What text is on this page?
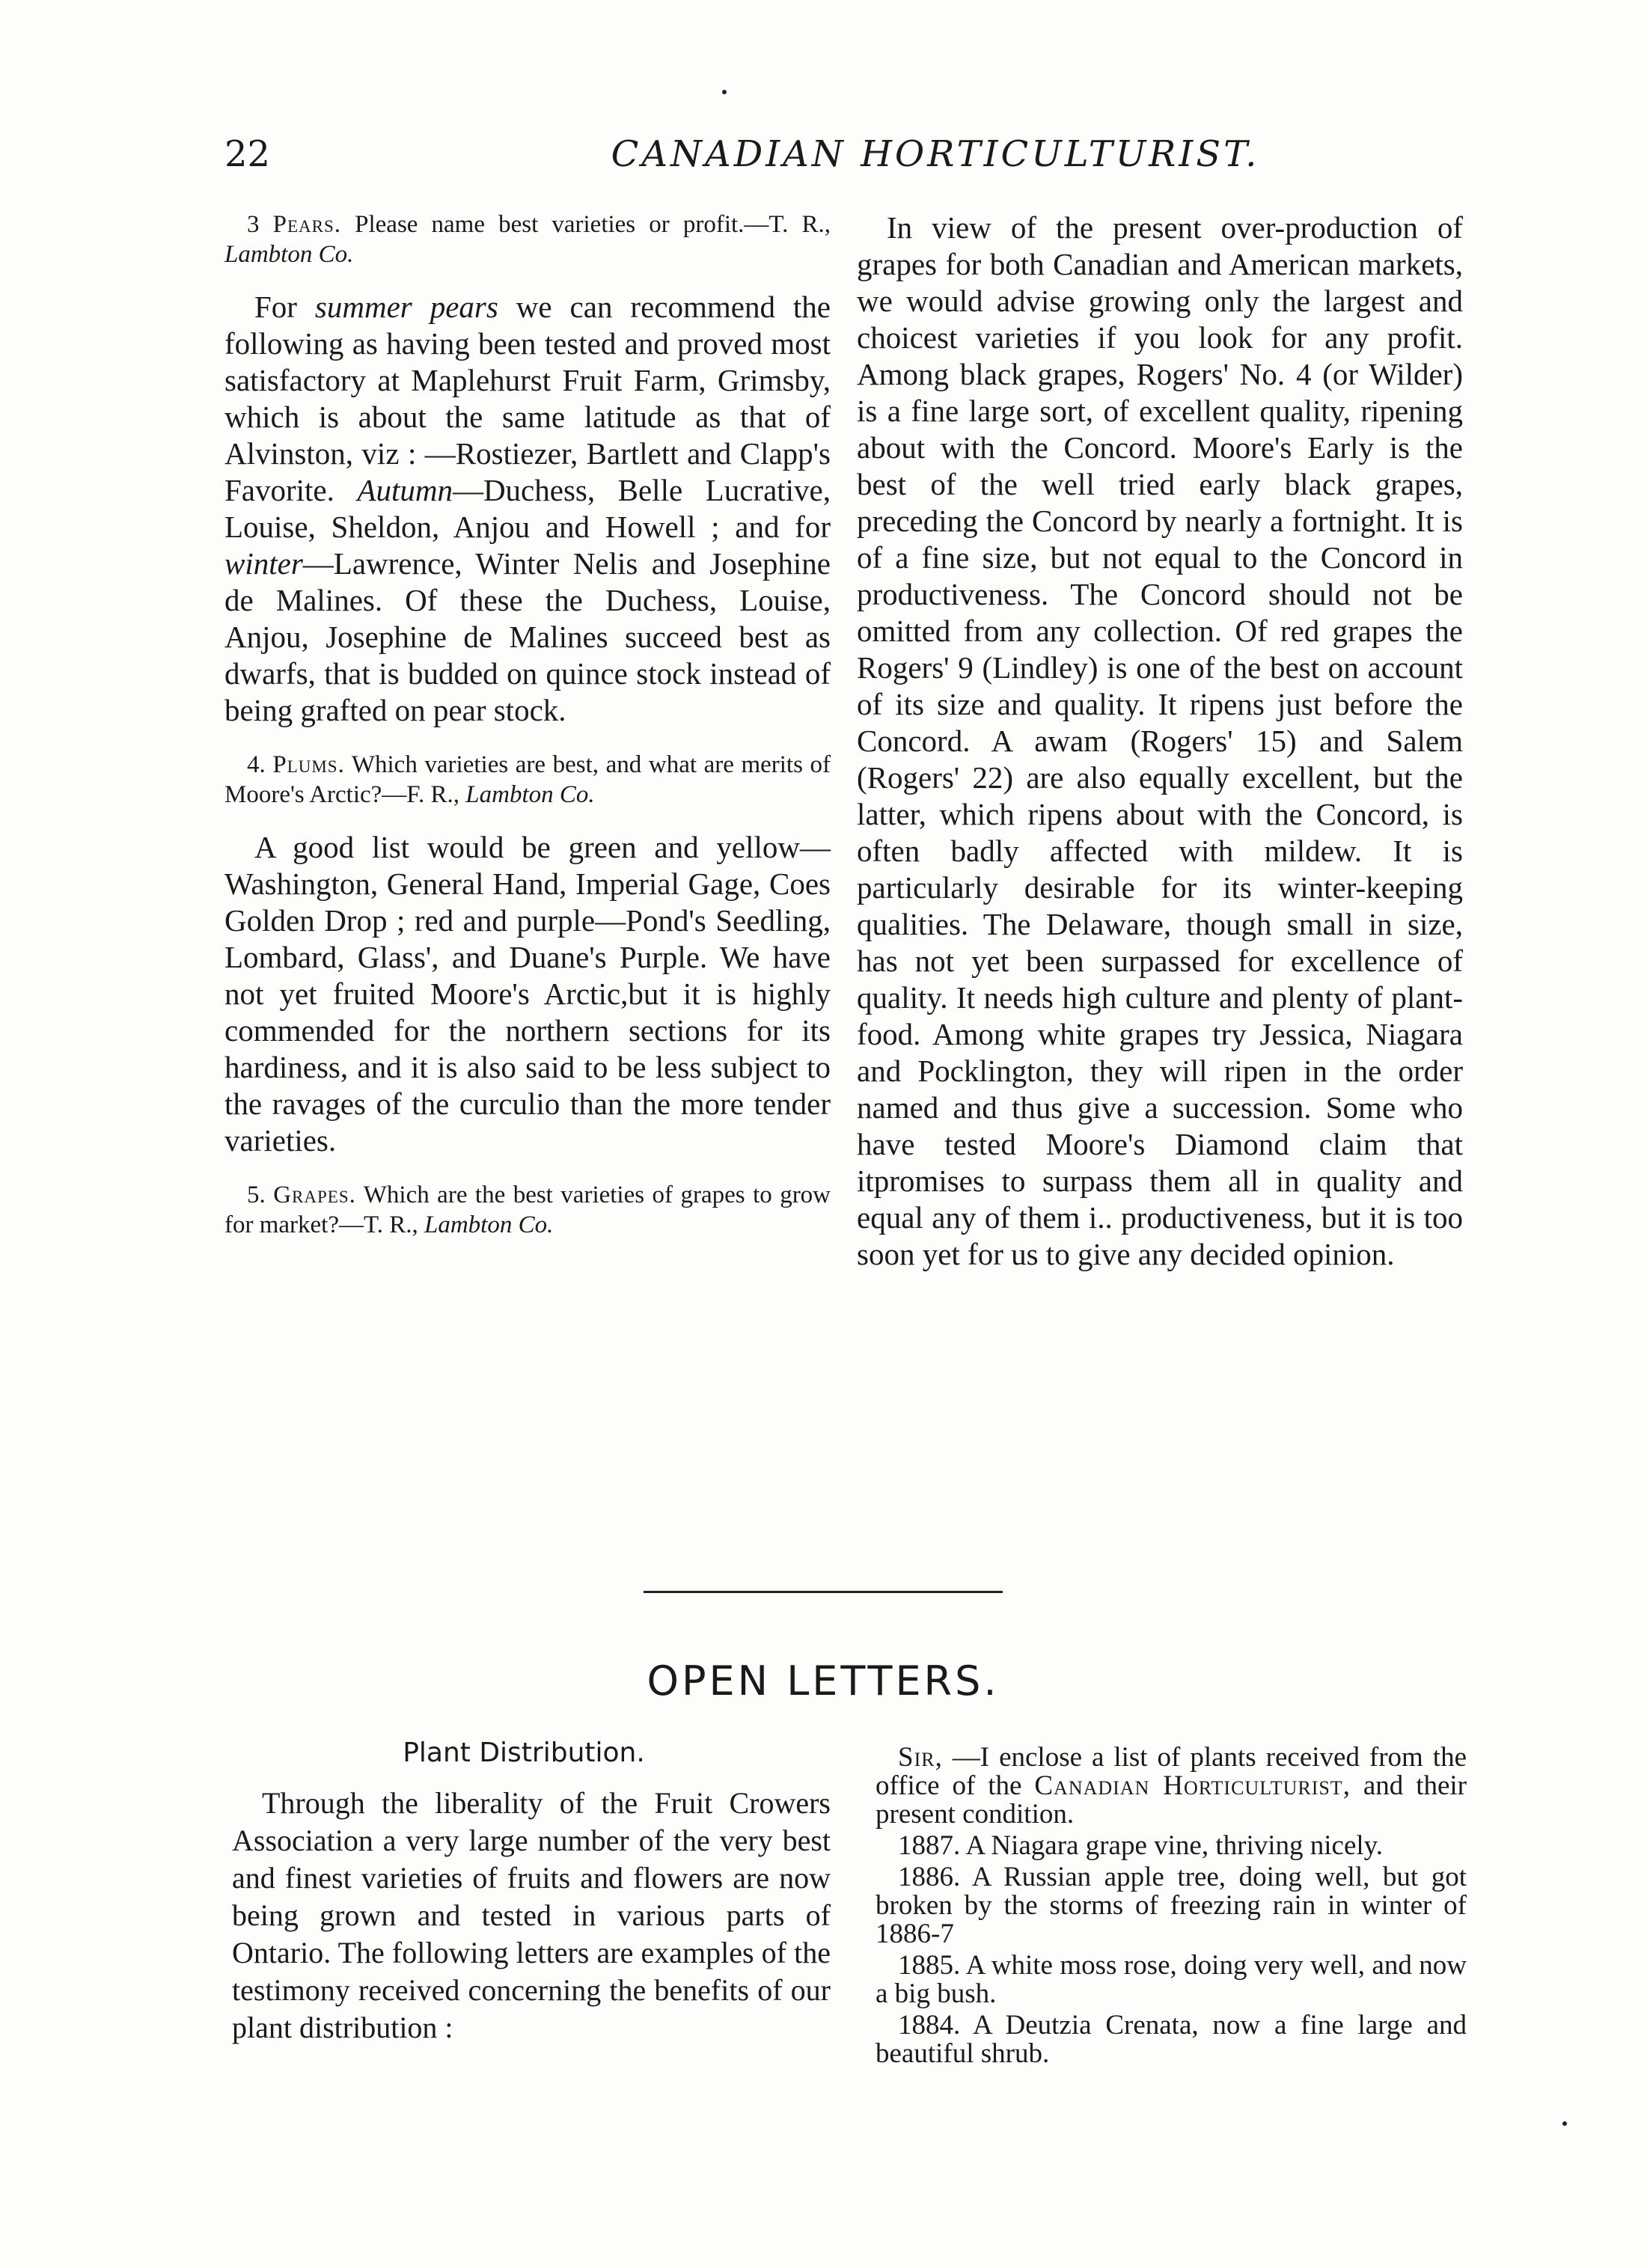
22	CANADIAN HORTICULTURIST.

3 Pears. Please name best varieties or profit.—T. R., Lambton Co.

For summer pears we can recommend the following as having been tested and proved most satisfactory at Maplehurst Fruit Farm, Grimsby, which is about the same latitude as that of Alvinston, viz : —Rostiezer, Bartlett and Clapp's Favorite. Autumn—Duchess, Belle Lucrative, Louise, Sheldon, Anjou and Howell ; and for winter—Lawrence, Winter Nelis and Josephine de Malines. Of these the Duchess, Louise, Anjou, Josephine de Malines succeed best as dwarfs, that is budded on quince stock instead of being grafted on pear stock.

4. Plums. Which varieties are best, and what are merits of Moore's Arctic?—F. R., Lambton Co.

A good list would be green and yellow—Washington, General Hand, Imperial Gage, Coes Golden Drop ; red and purple—Pond's Seedling, Lombard, Glass', and Duane's Purple. We have not yet fruited Moore's Arctic,but it is highly commended for the northern sections for its hardiness, and it is also said to be less subject to the ravages of the curculio than the more tender varieties.

5. Grapes. Which are the best varieties of grapes to grow for market?—T. R., Lambton Co.

In view of the present over-production of grapes for both Canadian and American markets, we would advise growing only the largest and choicest varieties if you look for any profit. Among black grapes, Rogers' No. 4 (or Wilder) is a fine large sort, of excellent quality, ripening about with the Concord. Moore's Early is the best of the well tried early black grapes, preceding the Concord by nearly a fortnight. It is of a fine size, but not equal to the Concord in productiveness. The Concord should not be omitted from any collection. Of red grapes the Rogers' 9 (Lindley) is one of the best on account of its size and quality. It ripens just before the Concord. A awam (Rogers' 15) and Salem (Rogers' 22) are also equally excellent, but the latter, which ripens about with the Concord, is often badly affected with mildew. It is particularly desirable for its winter-keeping qualities. The Delaware, though small in size, has not yet been surpassed for excellence of quality. It needs high culture and plenty of plant-food. Among white grapes try Jessica, Niagara and Pocklington, they will ripen in the order named and thus give a succession. Some who have tested Moore's Diamond claim that itpromises to surpass them all in quality and equal any of them i.. productiveness, but it is too soon yet for us to give any decided opinion.

OPEN LETTERS.
Plant Distribution.

Through the liberality of the Fruit Crowers Association a very large number of the very best and finest varieties of fruits and flowers are now being grown and tested in various parts of Ontario. The following letters are examples of the testimony received concerning the benefits of our plant distribution :

Sir, —I enclose a list of plants received from the office of the Canadian Horticulturist, and their present condition.

1887. A Niagara grape vine, thriving nicely.

1886. A Russian apple tree, doing well, but got broken by the storms of freezing rain in winter of 1886-7

1885. A white moss rose, doing very well, and now a big bush.

1884. A Deutzia Crenata, now a fine large and beautiful shrub.
